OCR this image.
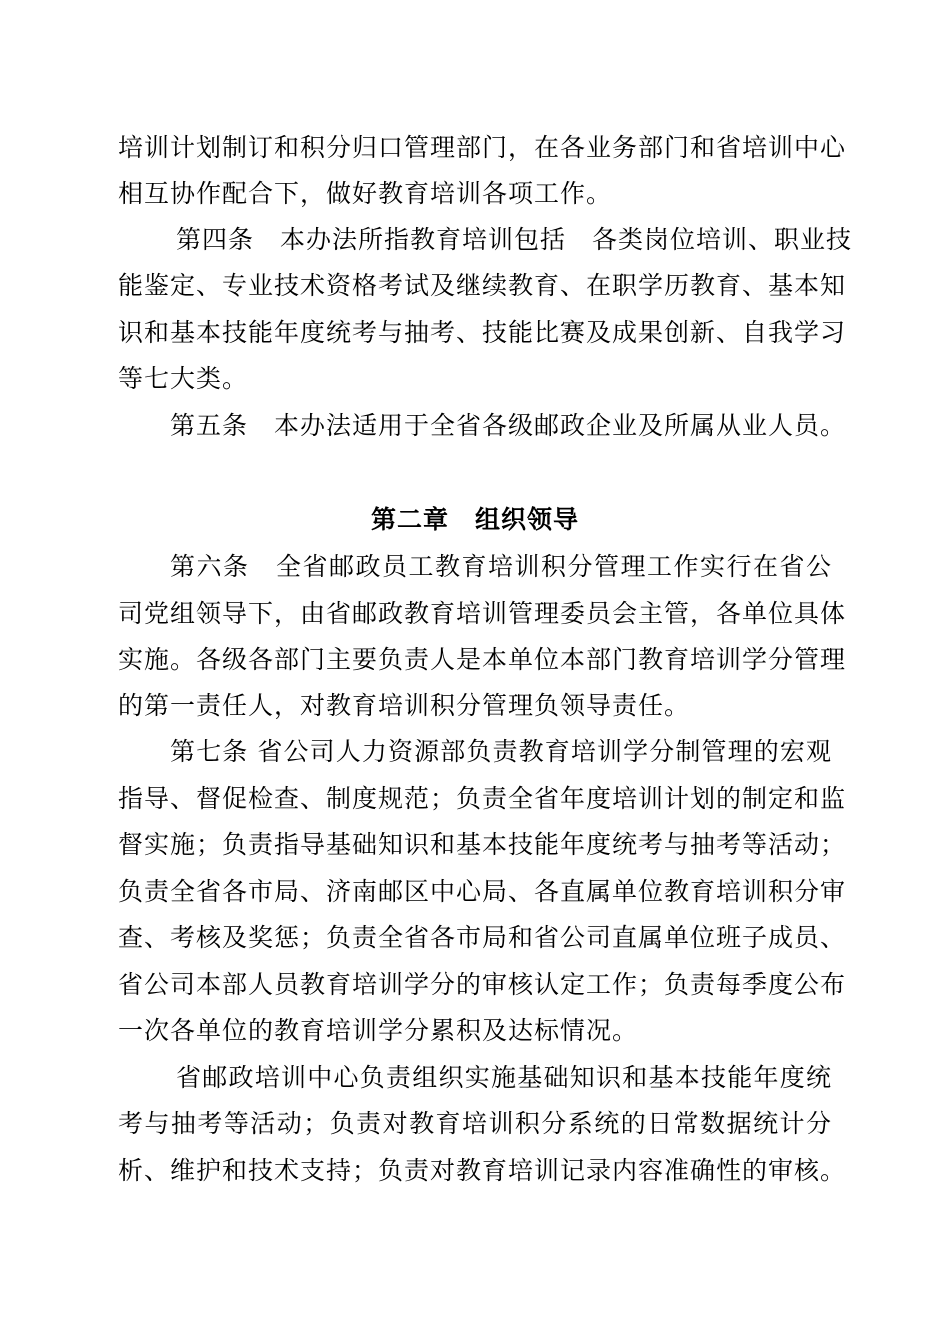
培训计划制订和积分归口管理部门，在各业务部门和省培训中心
相互协作配合下，做好教育培训各项工作。
第四条　本办法所指教育培训包括　各类岗位培训、职业技
能鉴定、专业技术资格考试及继续教育、在职学历教育、基本知
识和基本技能年度统考与抽考、技能比赛及成果创新、自我学习
等七大类。
第五条　本办法适用于全省各级邮政企业及所属从业人员。
第二章　组织领导
第六条　全省邮政员工教育培训积分管理工作实行在省公
司党组领导下，由省邮政教育培训管理委员会主管，各单位具体
实施。各级各部门主要负责人是本单位本部门教育培训学分管理
的第一责任人，对教育培训积分管理负领导责任。
第七条 省公司人力资源部负责教育培训学分制管理的宏观
指导、督促检查、制度规范；负责全省年度培训计划的制定和监
督实施；负责指导基础知识和基本技能年度统考与抽考等活动；
负责全省各市局、济南邮区中心局、各直属单位教育培训积分审
查、考核及奖惩；负责全省各市局和省公司直属单位班子成员、
省公司本部人员教育培训学分的审核认定工作；负责每季度公布
一次各单位的教育培训学分累积及达标情况。
省邮政培训中心负责组织实施基础知识和基本技能年度统
考与抽考等活动；负责对教育培训积分系统的日常数据统计分
析、维护和技术支持；负责对教育培训记录内容准确性的审核。
